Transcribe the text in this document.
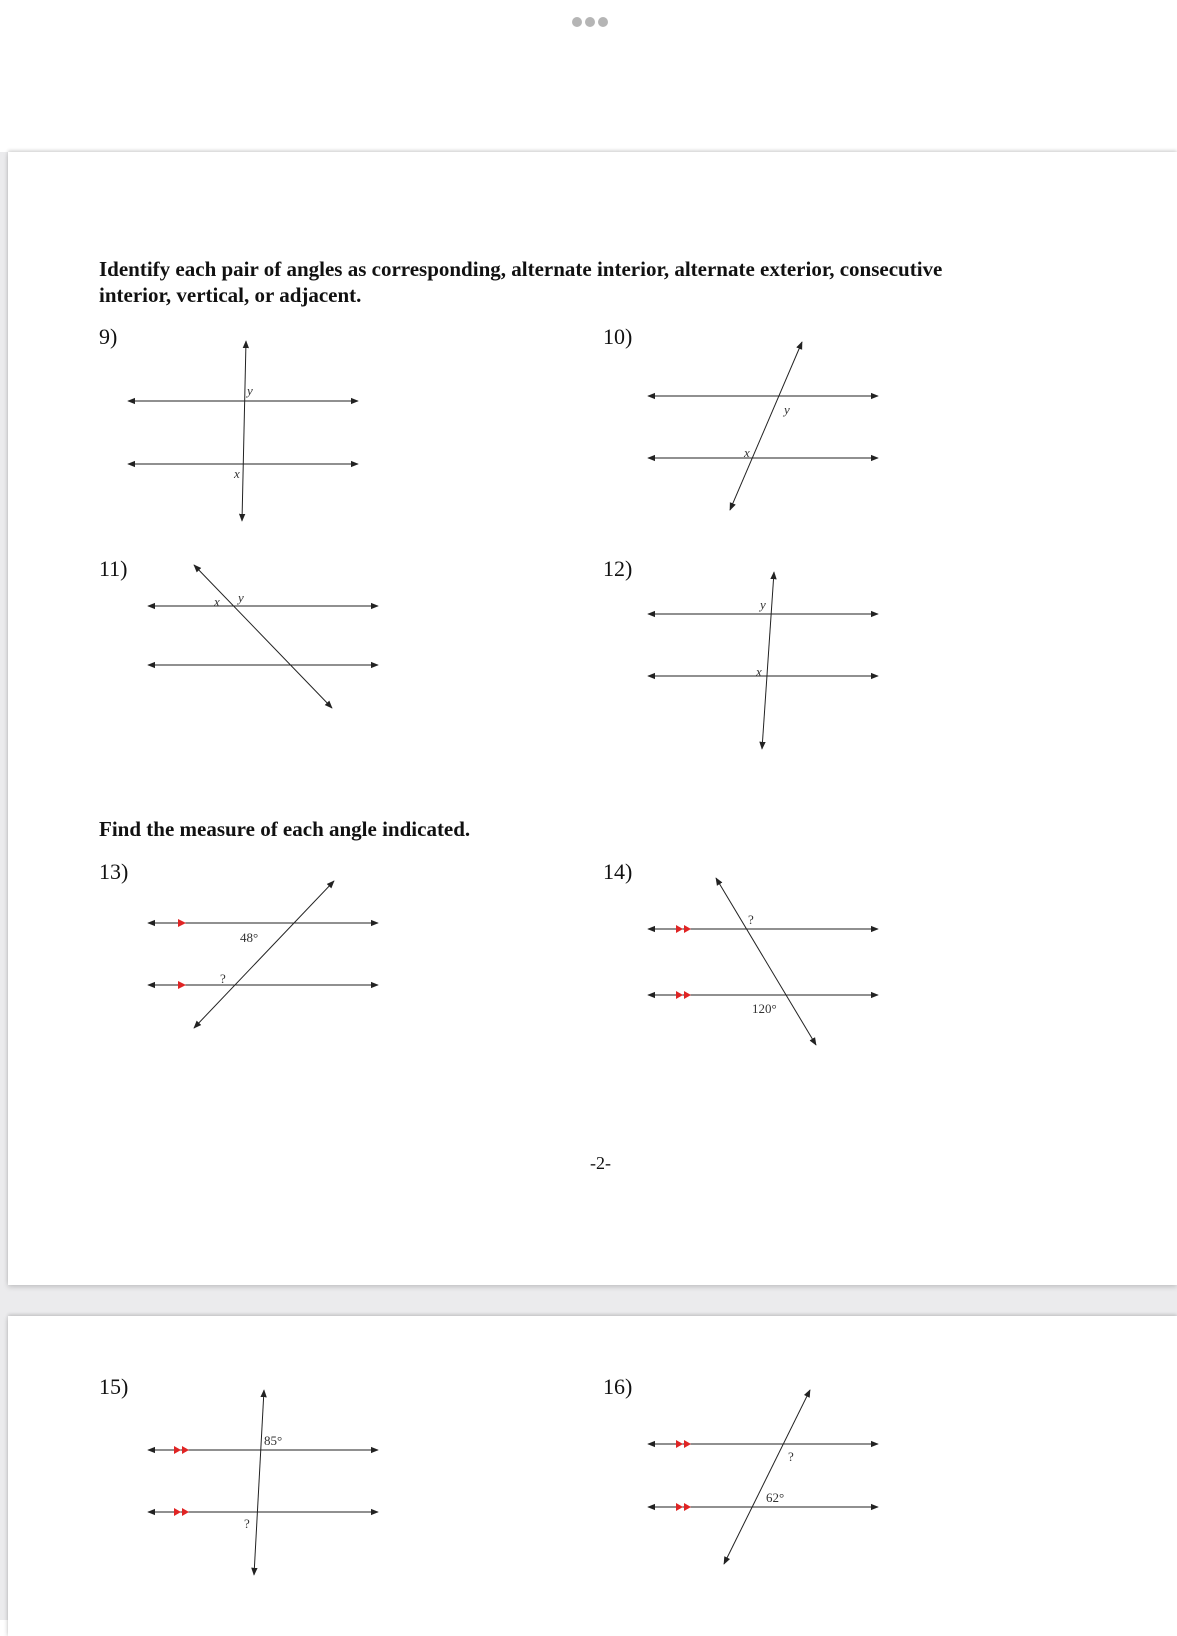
Identify each pair of angles as corresponding, alternate interior, alternate exterior, consecutive
interior, vertical, or adjacent.

9)
y
x
10)
y
x
11)
x y
12)
y
x

Find the measure of each angle indicated.

13)
48°
?
14)
?
120°
-2-
15)
85°
?
16)
?
62°
